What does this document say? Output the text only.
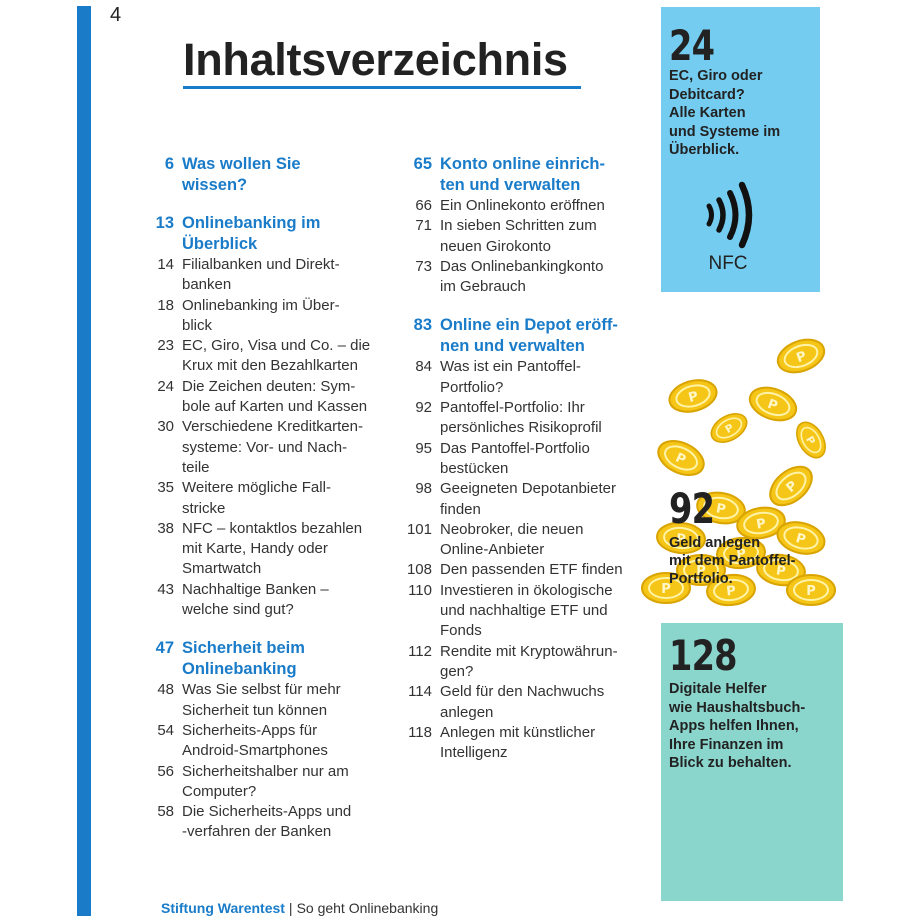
4
Inhaltsverzeichnis
6 Was wollen Sie
wissen?
13 Onlinebanking im
Überblick
14 Filialbanken und Direkt-
banken
18 Onlinebanking im Über-
blick
23 EC, Giro, Visa und Co. – die
Krux mit den Bezahlkarten
24 Die Zeichen deuten: Sym-
bole auf Karten und Kassen
30 Verschiedene Kreditkarten-
systeme: Vor- und Nach-
teile
35 Weitere mögliche Fall-
stricke
38 NFC – kontaktlos bezahlen
mit Karte, Handy oder
Smartwatch
43 Nachhaltige Banken –
welche sind gut?
47 Sicherheit beim
Onlinebanking
48 Was Sie selbst für mehr
Sicherheit tun können
54 Sicherheits-Apps für
Android-Smartphones
56 Sicherheitshalber nur am
Computer?
58 Die Sicherheits-Apps und
-verfahren der Banken
65 Konto online einrich-
ten und verwalten
66 Ein Onlinekonto eröffnen
71 In sieben Schritten zum
neuen Girokonto
73 Das Onlinebankingkonto
im Gebrauch
83 Online ein Depot eröff-
nen und verwalten
84 Was ist ein Pantoffel-
Portfolio?
92 Pantoffel-Portfolio: Ihr
persönliches Risikoprofil
95 Das Pantoffel-Portfolio
bestücken
98 Geeigneten Depotanbieter
finden
101 Neobroker, die neuen
Online-Anbieter
108 Den passenden ETF finden
110 Investieren in ökologische
und nachhaltige ETF und
Fonds
112 Rendite mit Kryptowährun-
gen?
114 Geld für den Nachwuchs
anlegen
118 Anlegen mit künstlicher
Intelligenz
24
EC, Giro oder
Debitcard?
Alle Karten
und Systeme im
Überblick.
NFC
P
92
Geld anlegen
mit dem Pantoffel-
Portfolio.
128
Digitale Helfer
wie Haushaltsbuch-
Apps helfen Ihnen,
Ihre Finanzen im
Blick zu behalten.
Stiftung Warentest | So geht Onlinebanking
